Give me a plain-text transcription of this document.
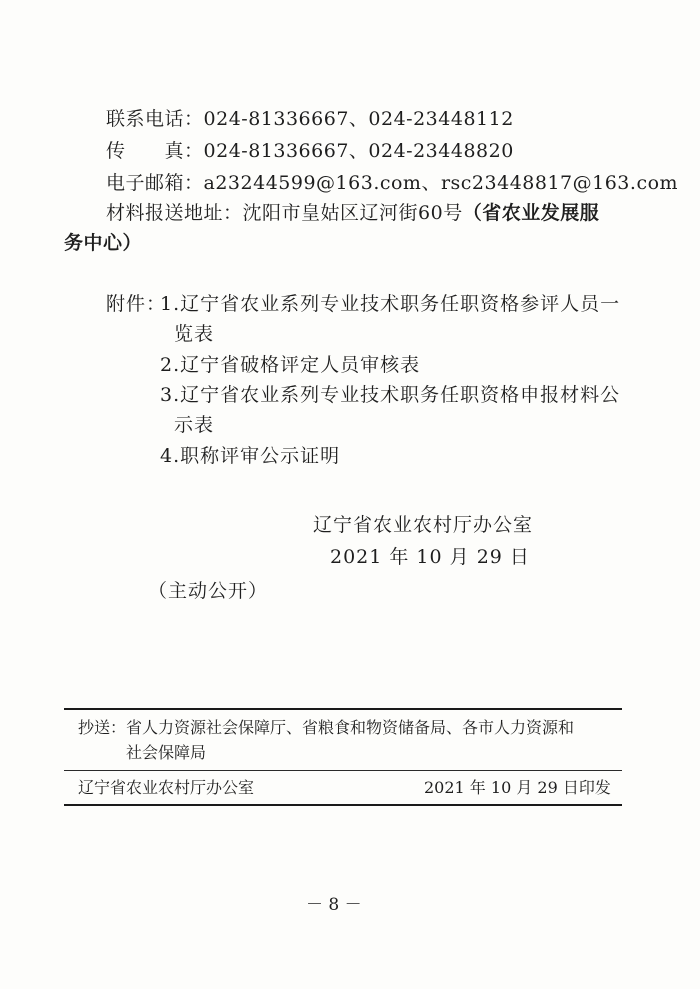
联系电话：024-81336667、024-23448112
传　　真：024-81336667、024-23448820
电子邮箱：a23244599@163.com、rsc23448817@163.com
材料报送地址：沈阳市皇姑区辽河街60号（省农业发展服
务中心）
附件：
1.辽宁省农业系列专业技术职务任职资格参评人员一
览表
2.辽宁省破格评定人员审核表
3.辽宁省农业系列专业技术职务任职资格申报材料公
示表
4.职称评审公示证明
辽宁省农业农村厅办公室
2021 年 10 月 29 日
（主动公开）
抄送：省人力资源社会保障厅、省粮食和物资储备局、各市人力资源和
社会保障局
辽宁省农业农村厅办公室	2021 年 10 月 29 日印发
－ 8 －
